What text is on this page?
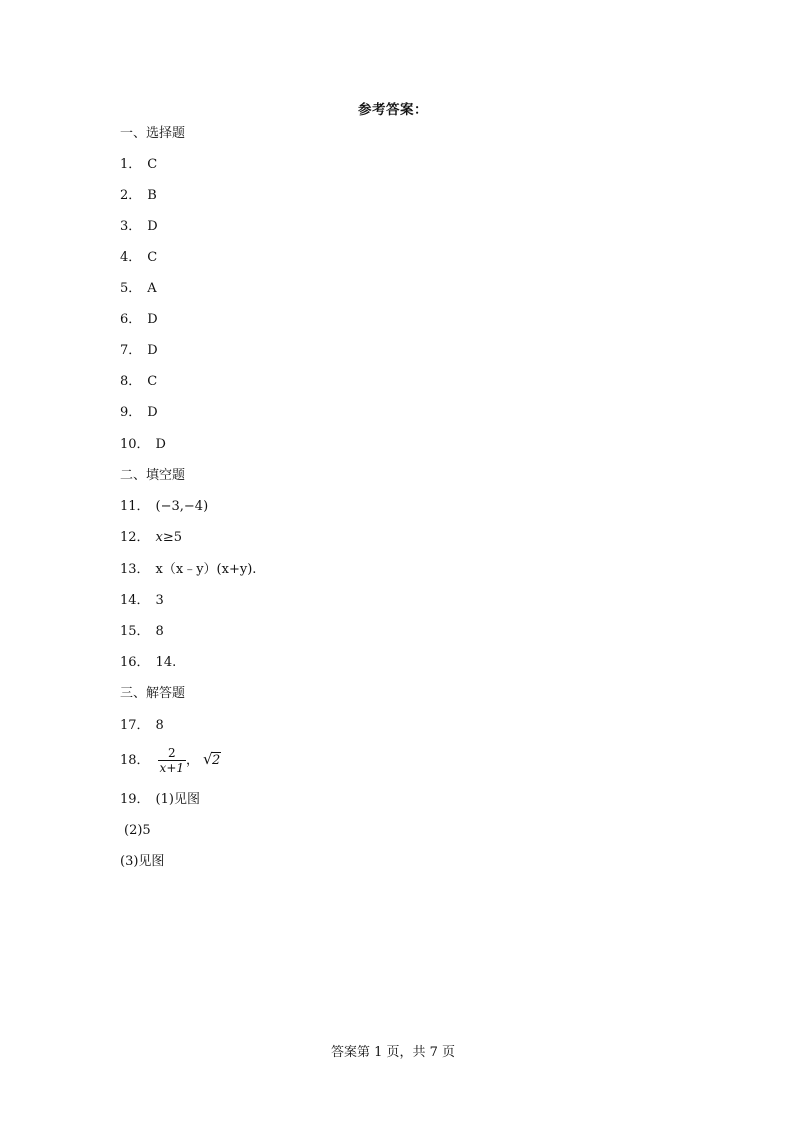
参考答案：
一、选择题
1． C
2． B
3． D
4． C
5． A
6． D
7． D
8． C
9． D
10． D
二、填空题
11． (−3,−4)
12． x≥5
13． x（x﹣y）(x+y).
14． 3
15． 8
16． 14.
三、解答题
17． 8
18． $\frac{2}{x+1}$ ， √ 2
19． (1)见图
(2)5
(3)见图
答案第 1 页，共 7 页
